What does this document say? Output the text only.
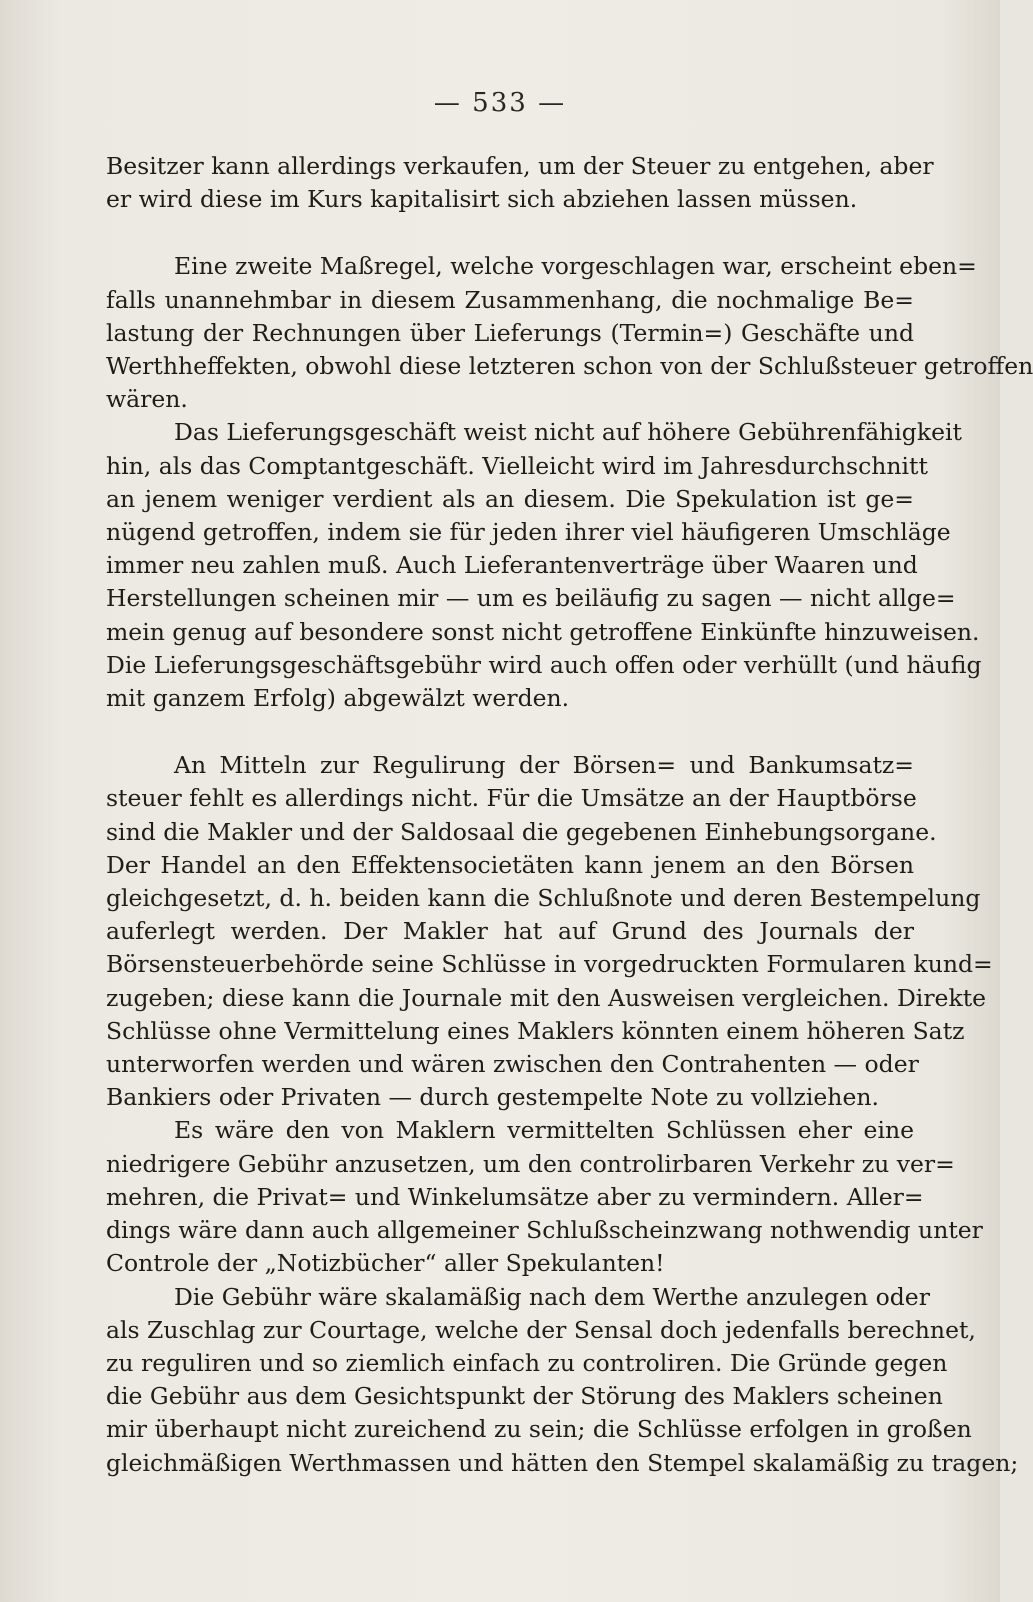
— 533 —
Besitzer kann allerdings verkaufen, um der Steuer zu entgehen, aber
er wird diese im Kurs kapitalisirt sich abziehen lassen müssen.
Eine zweite Maßregel, welche vorgeschlagen war, erscheint eben=
falls unannehmbar in diesem Zusammenhang, die nochmalige Be=
lastung der Rechnungen über Lieferungs (Termin=) Geschäfte und
Werthheffekten, obwohl diese letzteren schon von der Schlußsteuer getroffen
wären.
Das Lieferungsgeschäft weist nicht auf höhere Gebührenfähigkeit
hin, als das Comptantgeschäft. Vielleicht wird im Jahresdurchschnitt
an jenem weniger verdient als an diesem. Die Spekulation ist ge=
nügend getroffen, indem sie für jeden ihrer viel häufigeren Umschläge
immer neu zahlen muß. Auch Lieferantenverträge über Waaren und
Herstellungen scheinen mir — um es beiläufig zu sagen — nicht allge=
mein genug auf besondere sonst nicht getroffene Einkünfte hinzuweisen.
Die Lieferungsgeschäftsgebühr wird auch offen oder verhüllt (und häufig
mit ganzem Erfolg) abgewälzt werden.
An Mitteln zur Regulirung der Börsen= und Bankumsatz=
steuer fehlt es allerdings nicht. Für die Umsätze an der Hauptbörse
sind die Makler und der Saldosaal die gegebenen Einhebungsorgane.
Der Handel an den Effektensocietäten kann jenem an den Börsen
gleichgesetzt, d. h. beiden kann die Schlußnote und deren Bestempelung
auferlegt werden. Der Makler hat auf Grund des Journals der
Börsensteuerbehörde seine Schlüsse in vorgedruckten Formularen kund=
zugeben; diese kann die Journale mit den Ausweisen vergleichen. Direkte
Schlüsse ohne Vermittelung eines Maklers könnten einem höheren Satz
unterworfen werden und wären zwischen den Contrahenten — oder
Bankiers oder Privaten — durch gestempelte Note zu vollziehen.
Es wäre den von Maklern vermittelten Schlüssen eher eine
niedrigere Gebühr anzusetzen, um den controlirbaren Verkehr zu ver=
mehren, die Privat= und Winkelumsätze aber zu vermindern. Aller=
dings wäre dann auch allgemeiner Schlußscheinzwang nothwendig unter
Controle der „Notizbücher“ aller Spekulanten!
Die Gebühr wäre skalamäßig nach dem Werthe anzulegen oder
als Zuschlag zur Courtage, welche der Sensal doch jedenfalls berechnet,
zu reguliren und so ziemlich einfach zu controliren. Die Gründe gegen
die Gebühr aus dem Gesichtspunkt der Störung des Maklers scheinen
mir überhaupt nicht zureichend zu sein; die Schlüsse erfolgen in großen
gleichmäßigen Werthmassen und hätten den Stempel skalamäßig zu tragen;
